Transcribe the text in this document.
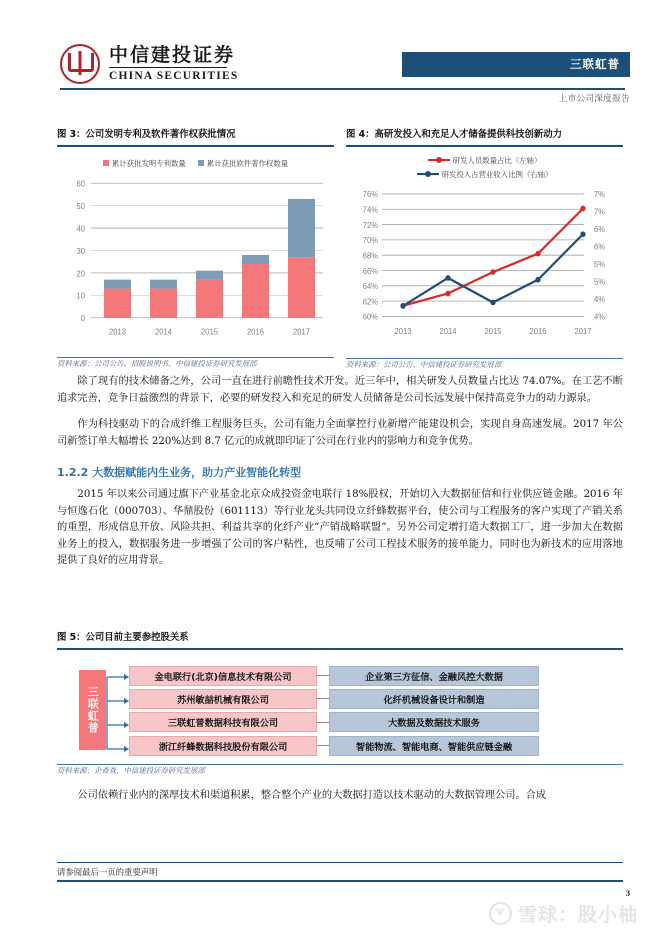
中信建投证券
CHINA SECURITIES
三联虹普
上市公司深度报告
图 3：公司发明专利及软件著作权获批情况
累计获批发明专利数量	累计获批软件著作权数量
60
50
40
30
20
10
0
2013	2014	2015	2016	2017
资料来源：公司公告、招股说明书、中信建投证券研究发展部
图 4：高研发投入和充足人才储备提供科技创新动力
研发人员数量占比（左轴）
研发投入占营业收入比例（右轴）
76%
74%
72%
70%
68%
66%
64%
62%
60%
7%
7%
6%
6%
5%
5%
4%
4%
2013	2014	2015	2016	2017
资料来源：公司公告、中信建投证券研究发展部

除了现有的技术储备之外，公司一直在进行前瞻性技术开发。近三年中，相关研发人员数量占比达 74.07%。在工艺不断追求完善，竞争日益激烈的背景下，必要的研发投入和充足的研发人员储备是公司长远发展中保持高竞争力的动力源泉。

作为科技驱动下的合成纤维工程服务巨头，公司有能力全面掌控行业新增产能建设机会，实现自身高速发展。2017 年公司新签订单大幅增长 220%达到 8.7 亿元的成就即印证了公司在行业内的影响力和竞争优势。

1.2.2 大数据赋能内生业务，助力产业智能化转型

2015 年以来公司通过旗下产业基金北京众成投资金电联行 18%股权，开始切入大数据征信和行业供应链金融。2016 年与恒逸石化（000703）、华鼎股份（601113）等行业龙头共同设立纤蜂数据平台，使公司与工程服务的客户实现了产销关系的重塑，形成信息开放、风险共担、利益共享的化纤产业“产销战略联盟”。另外公司定增打造大数据工厂，进一步加大在数据业务上的投入，数据服务进一步增强了公司的客户粘性，也反哺了公司工程技术服务的接单能力，同时也为新技术的应用落地提供了良好的应用背景。

图 5：公司目前主要参控股关系
三联虹普
金电联行(北京)信息技术有限公司	企业第三方征信、金融风控大数据
苏州敏喆机械有限公司	化纤机械设备设计和制造
三联虹普数据科技有限公司	大数据及数据技术服务
浙江纤蜂数据科技股份有限公司	智能物流、智能电商、智能供应链金融
资料来源：企查查、中信建投证券研究发展部

公司依赖行业内的深厚技术和渠道积累，整合整个产业的大数据打造以技术驱动的大数据管理公司。合成

请参阅最后一页的重要声明
3
ᗐ 雪球：股小柚
